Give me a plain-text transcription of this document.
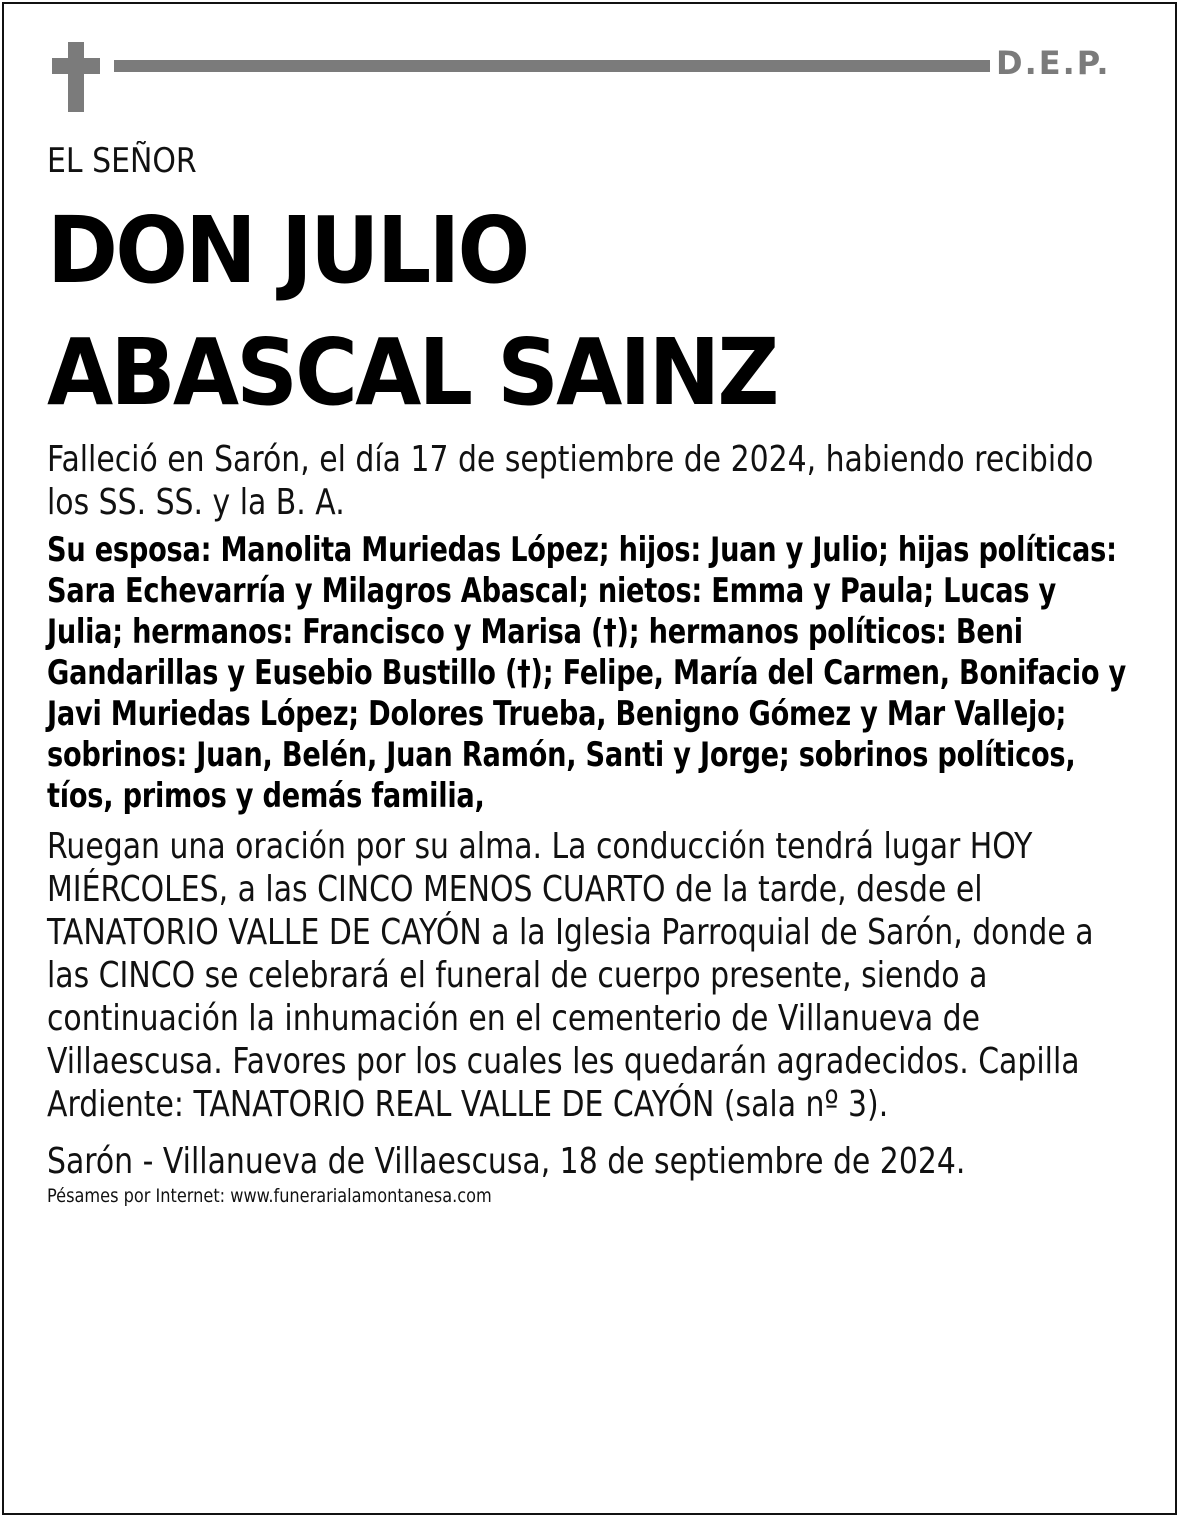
D.E.P.

EL SEÑOR

DON JULIO

ABASCAL SAINZ

Falleció en Sarón, el día 17 de septiembre de 2024, habiendo recibido los SS. SS. y la B. A.

Su esposa: Manolita Muriedas López; hijos: Juan y Julio; hijas políticas: Sara Echevarría y Milagros Abascal; nietos: Emma y Paula; Lucas y Julia; hermanos: Francisco y Marisa (†); hermanos políticos: Beni Gandarillas y Eusebio Bustillo (†); Felipe, María del Carmen, Bonifacio y Javi Muriedas López; Dolores Trueba, Benigno Gómez y Mar Vallejo; sobrinos: Juan, Belén, Juan Ramón, Santi y Jorge; sobrinos políticos, tíos, primos y demás familia,

Ruegan una oración por su alma. La conducción tendrá lugar HOY MIÉRCOLES, a las CINCO MENOS CUARTO de la tarde, desde el TANATORIO VALLE DE CAYÓN a la Iglesia Parroquial de Sarón, donde a las CINCO se celebrará el funeral de cuerpo presente, siendo a continuación la inhumación en el cementerio de Villanueva de Villaescusa. Favores por los cuales les quedarán agradecidos. Capilla Ardiente: TANATORIO REAL VALLE DE CAYÓN (sala nº 3).

Sarón - Villanueva de Villaescusa, 18 de septiembre de 2024.

Pésames por Internet: www.funerarialamontanesa.com
